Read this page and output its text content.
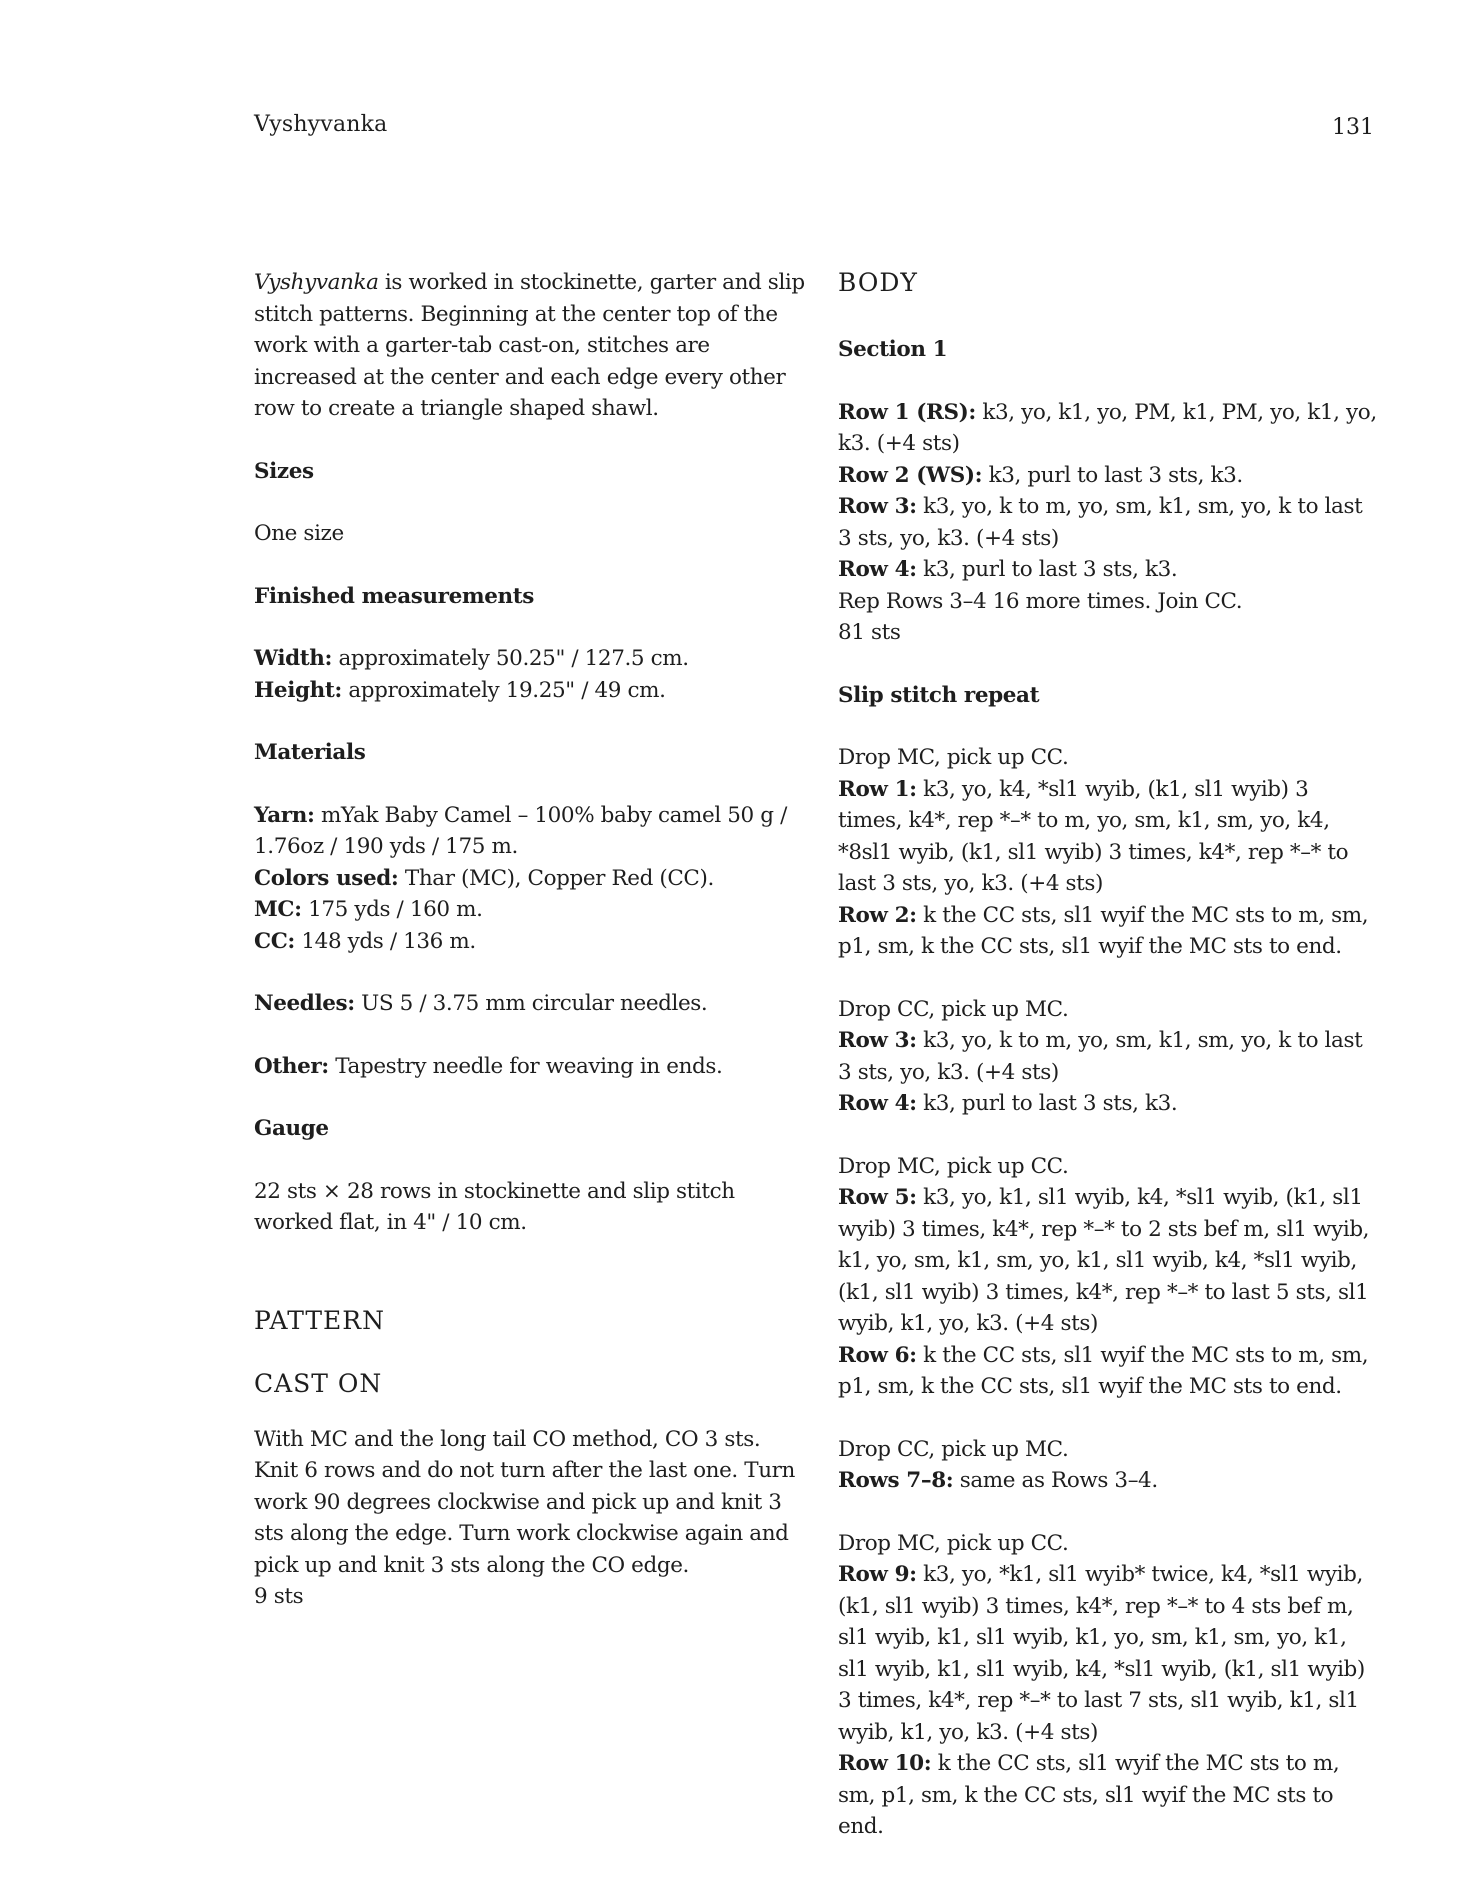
Vyshyvanka	131

Vyshyvanka is worked in stockinette, garter and slip stitch patterns. Beginning at the center top of the work with a garter-tab cast-on, stitches are increased at the center and each edge every other row to create a triangle shaped shawl.

Sizes

One size

Finished measurements

Width: approximately 50.25" / 127.5 cm.

Height: approximately 19.25" / 49 cm.

Materials

Yarn: mYak Baby Camel – 100% baby camel 50 g / 1.76oz / 190 yds / 175 m.

Colors used: Thar (MC), Copper Red (CC).

MC: 175 yds / 160 m.

CC: 148 yds / 136 m.

Needles: US 5 / 3.75 mm circular needles.

Other: Tapestry needle for weaving in ends.

Gauge

22 sts × 28 rows in stockinette and slip stitch worked flat, in 4" / 10 cm.

PATTERN

CAST ON

With MC and the long tail CO method, CO 3 sts. Knit 6 rows and do not turn after the last one. Turn work 90 degrees clockwise and pick up and knit 3 sts along the edge. Turn work clockwise again and pick up and knit 3 sts along the CO edge.

9 sts

BODY

Section 1

Row 1 (RS): k3, yo, k1, yo, PM, k1, PM, yo, k1, yo, k3. (+4 sts)

Row 2 (WS): k3, purl to last 3 sts, k3.

Row 3: k3, yo, k to m, yo, sm, k1, sm, yo, k to last 3 sts, yo, k3. (+4 sts)

Row 4: k3, purl to last 3 sts, k3.

Rep Rows 3–4 16 more times. Join CC.

81 sts

Slip stitch repeat

Drop MC, pick up CC.

Row 1: k3, yo, k4, *sl1 wyib, (k1, sl1 wyib) 3 times, k4*, rep *–* to m, yo, sm, k1, sm, yo, k4, *8sl1 wyib, (k1, sl1 wyib) 3 times, k4*, rep *–* to last 3 sts, yo, k3. (+4 sts)

Row 2: k the CC sts, sl1 wyif the MC sts to m, sm, p1, sm, k the CC sts, sl1 wyif the MC sts to end.

Drop CC, pick up MC.

Row 3: k3, yo, k to m, yo, sm, k1, sm, yo, k to last 3 sts, yo, k3. (+4 sts)

Row 4: k3, purl to last 3 sts, k3.

Drop MC, pick up CC.

Row 5: k3, yo, k1, sl1 wyib, k4, *sl1 wyib, (k1, sl1 wyib) 3 times, k4*, rep *–* to 2 sts bef m, sl1 wyib, k1, yo, sm, k1, sm, yo, k1, sl1 wyib, k4, *sl1 wyib, (k1, sl1 wyib) 3 times, k4*, rep *–* to last 5 sts, sl1 wyib, k1, yo, k3. (+4 sts)

Row 6: k the CC sts, sl1 wyif the MC sts to m, sm, p1, sm, k the CC sts, sl1 wyif the MC sts to end.

Drop CC, pick up MC.

Rows 7–8: same as Rows 3–4.

Drop MC, pick up CC.

Row 9: k3, yo, *k1, sl1 wyib* twice, k4, *sl1 wyib, (k1, sl1 wyib) 3 times, k4*, rep *–* to 4 sts bef m, sl1 wyib, k1, sl1 wyib, k1, yo, sm, k1, sm, yo, k1, sl1 wyib, k1, sl1 wyib, k4, *sl1 wyib, (k1, sl1 wyib) 3 times, k4*, rep *–* to last 7 sts, sl1 wyib, k1, sl1 wyib, k1, yo, k3. (+4 sts)

Row 10: k the CC sts, sl1 wyif the MC sts to m, sm, p1, sm, k the CC sts, sl1 wyif the MC sts to end.
